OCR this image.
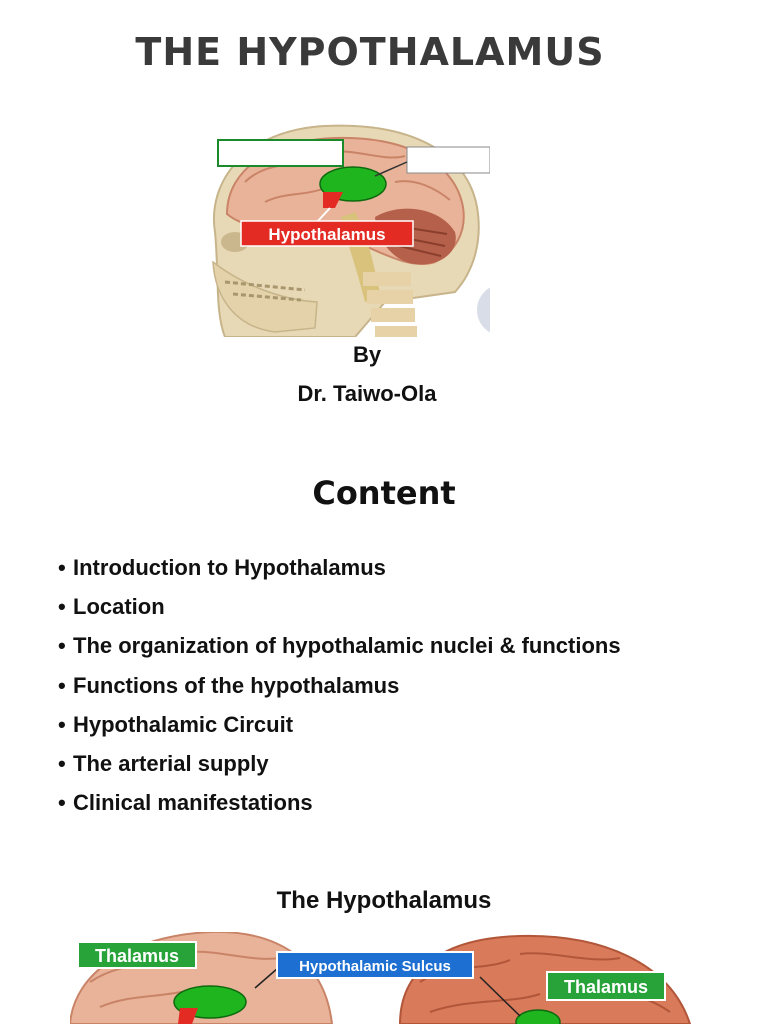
THE HYPOTHALAMUS
Hypothalamus
By
Dr. Taiwo-Ola
Content
• Introduction to Hypothalamus
• Location
• The organization of hypothalamic nuclei & functions
• Functions of the hypothalamus
• Hypothalamic Circuit
• The arterial supply
• Clinical manifestations
The Hypothalamus
Thalamus
Hypothalamic Sulcus
Thalamus
